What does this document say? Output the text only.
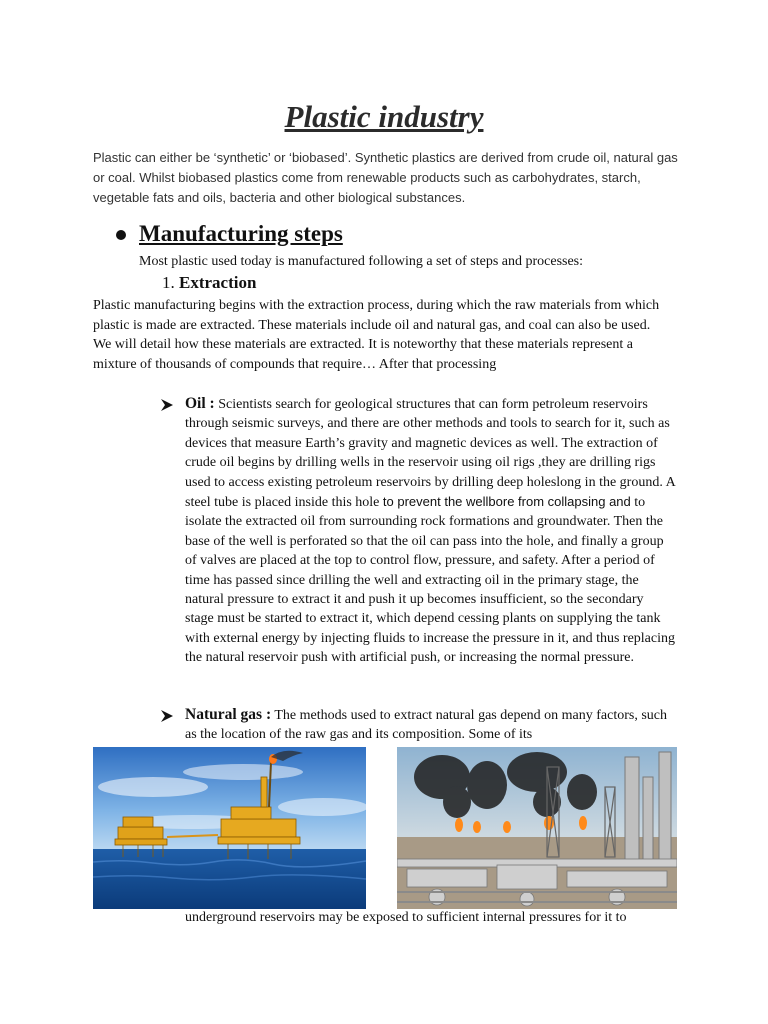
Plastic industry

Plastic can either be ‘synthetic’ or ‘biobased’. Synthetic plastics are derived from crude oil, natural gas or coal. Whilst biobased plastics come from renewable products such as carbohydrates, starch, vegetable fats and oils, bacteria and other biological substances.

Manufacturing steps

Most plastic used today is manufactured following a set of steps and processes:

1. Extraction

Plastic manufacturing begins with the extraction process, during which the raw materials from which plastic is made are extracted. These materials include oil and natural gas, and coal can also be used. We will detail how these materials are extracted. It is noteworthy that these materials represent a mixture of thousands of compounds that require… After that processing

Oil : Scientists search for geological structures that can form petroleum reservoirs through seismic surveys, and there are other methods and tools to search for it, such as devices that measure Earth’s gravity and magnetic devices as well. The extraction of crude oil begins by drilling wells in the reservoir using oil rigs ,they are drilling rigs used to access existing petroleum reservoirs by drilling deep holeslong in the ground. A steel tube is placed inside this hole to prevent the wellbore from collapsing and to isolate the extracted oil from surrounding rock formations and groundwater. Then the base of the well is perforated so that the oil can pass into the hole, and finally a group of valves are placed at the top to control flow, pressure, and safety. After a period of time has passed since drilling the well and extracting oil in the primary stage, the natural pressure to extract it and push it up becomes insufficient, so the secondary stage must be started to extract it, which depend cessing plants on supplying the tank with external energy by injecting fluids to increase the pressure in it, and thus replacing the natural reservoir push with artificial push, or increasing the normal pressure.

Natural gas : The methods used to extract natural gas depend on many factors, such as the location of the raw gas and its composition. Some of its

underground reservoirs may be exposed to sufficient internal pressures for it to
